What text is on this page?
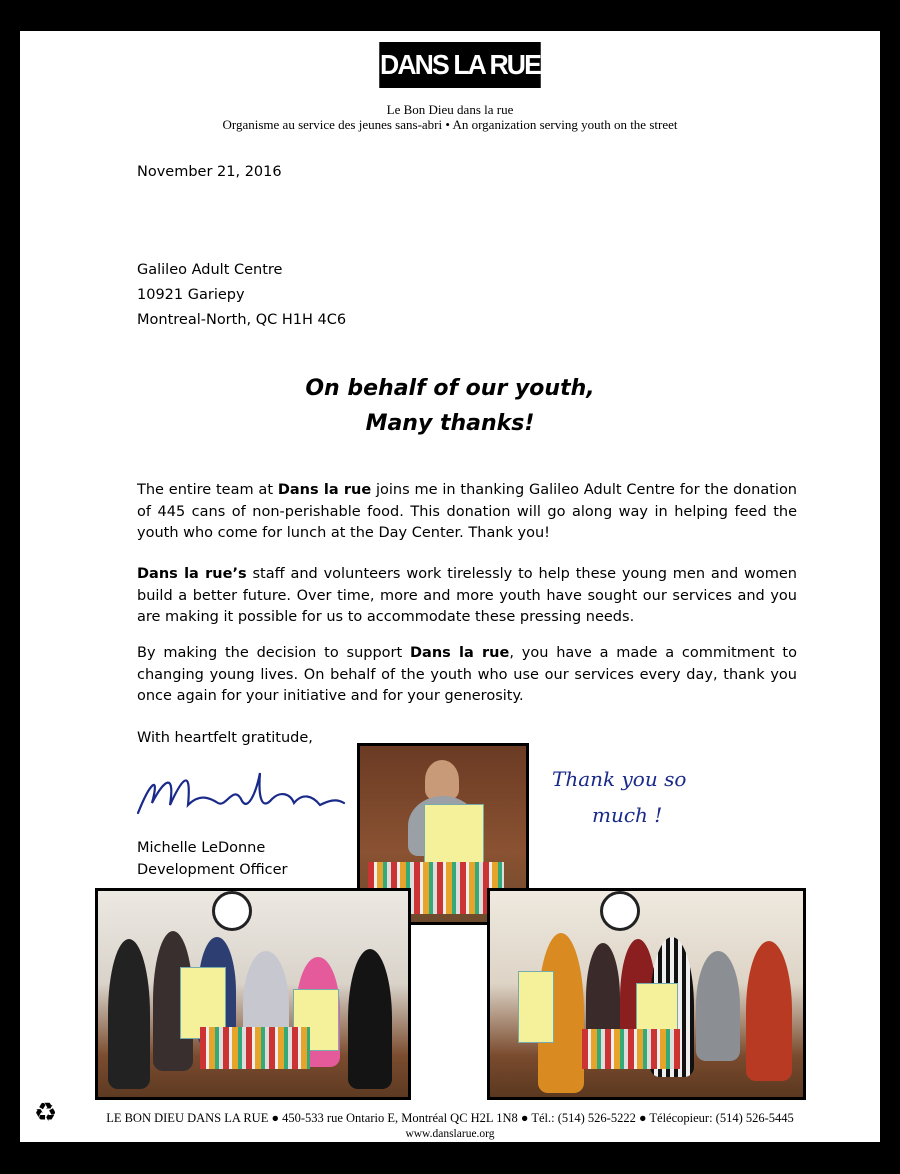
DANS LA RUE
Le Bon Dieu dans la rue
Organisme au service des jeunes sans-abri • An organization serving youth on the street
November 21, 2016
Galileo Adult Centre
10921 Gariepy
Montreal-North, QC H1H 4C6
On behalf of our youth,
Many thanks!
The entire team at Dans la rue joins me in thanking Galileo Adult Centre for the donation of 445 cans of non-perishable food. This donation will go along way in helping feed the youth who come for lunch at the Day Center. Thank you!
Dans la rue’s staff and volunteers work tirelessly to help these young men and women build a better future. Over time, more and more youth have sought our services and you are making it possible for us to accommodate these pressing needs.
By making the decision to support Dans la rue, you have a made a commitment to changing young lives. On behalf of the youth who use our services every day, thank you once again for your initiative and for your generosity.
With heartfelt gratitude,
Michelle LeDonne
Development Officer
Thank you so
much !
♻	LE BON DIEU DANS LA RUE ● 450-533 rue Ontario E, Montréal QC H2L 1N8 ● Tél.: (514) 526-5222 ● Télécopieur: (514) 526-5445
www.danslarue.org
